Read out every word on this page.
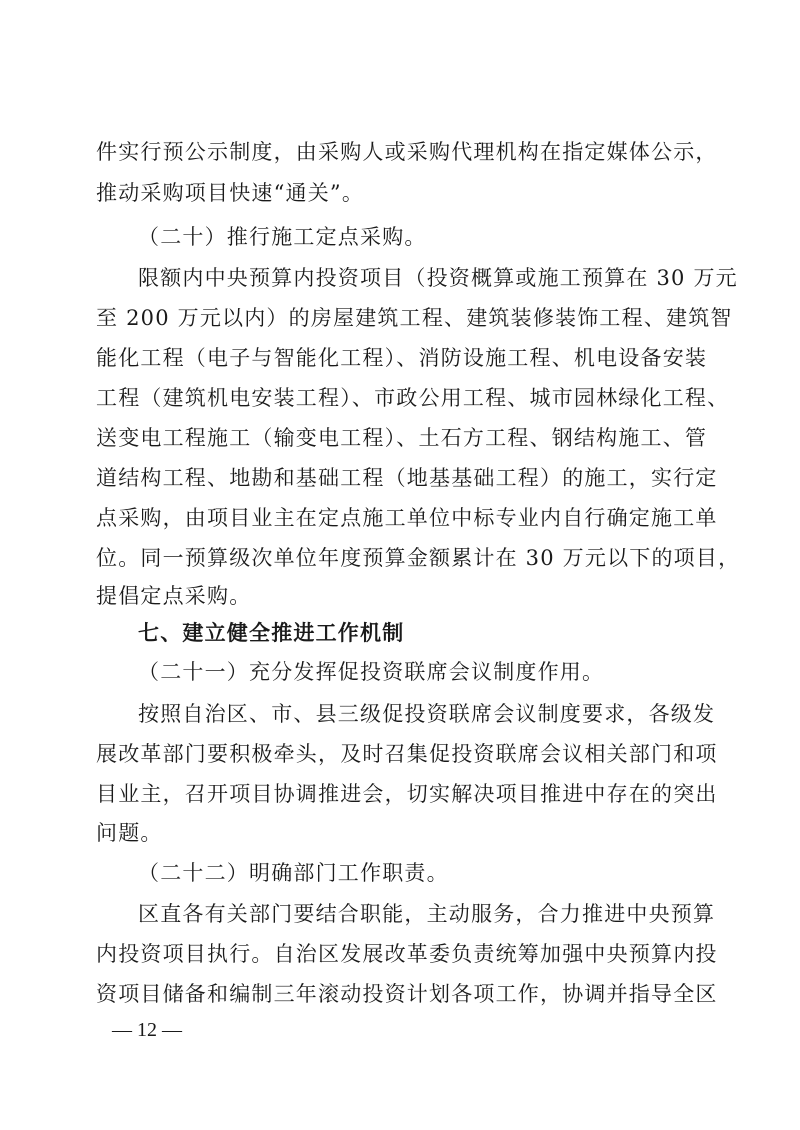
件实行预公示制度，由采购人或采购代理机构在指定媒体公示，
推动采购项目快速“通关”。
（二十）推行施工定点采购。
限额内中央预算内投资项目（投资概算或施工预算在 30 万元
至 200 万元以内）的房屋建筑工程、建筑装修装饰工程、建筑智
能化工程（电子与智能化工程）、消防设施工程、机电设备安装
工程（建筑机电安装工程）、市政公用工程、城市园林绿化工程、
送变电工程施工（输变电工程）、土石方工程、钢结构施工、管
道结构工程、地勘和基础工程（地基基础工程）的施工，实行定
点采购，由项目业主在定点施工单位中标专业内自行确定施工单
位。同一预算级次单位年度预算金额累计在 30 万元以下的项目，
提倡定点采购。
七、建立健全推进工作机制
（二十一）充分发挥促投资联席会议制度作用。
按照自治区、市、县三级促投资联席会议制度要求，各级发
展改革部门要积极牵头，及时召集促投资联席会议相关部门和项
目业主，召开项目协调推进会，切实解决项目推进中存在的突出
问题。
（二十二）明确部门工作职责。
区直各有关部门要结合职能，主动服务，合力推进中央预算
内投资项目执行。自治区发展改革委负责统筹加强中央预算内投
资项目储备和编制三年滚动投资计划各项工作，协调并指导全区
— 12 —
